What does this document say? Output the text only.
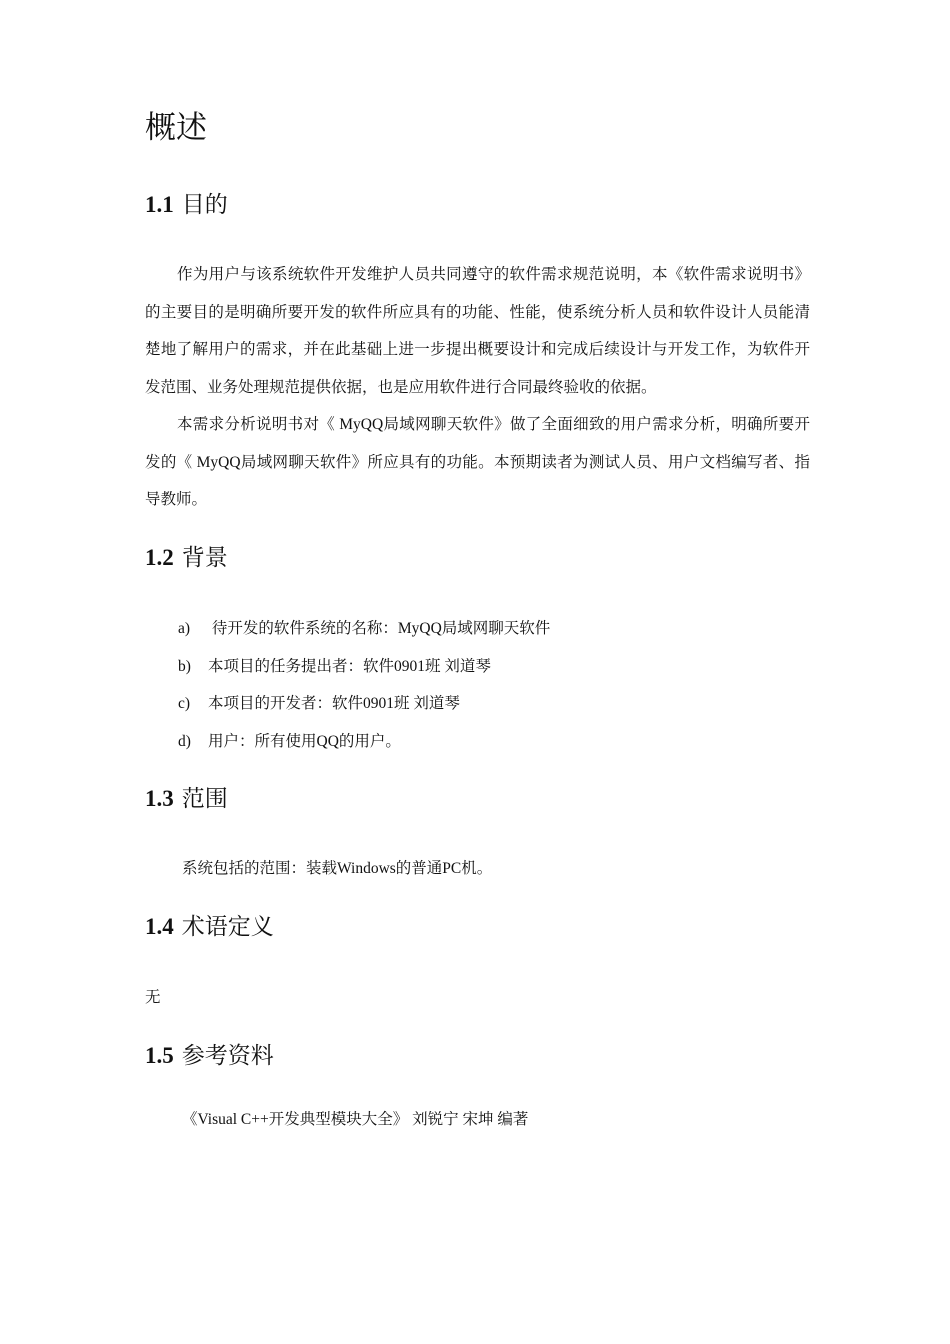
概述
1.1 目的

作为用户与该系统软件开发维护人员共同遵守的软件需求规范说明，本《软件需求说明书》的主要目的是明确所要开发的软件所应具有的功能、性能，使系统分析人员和软件设计人员能清楚地了解用户的需求，并在此基础上进一步提出概要设计和完成后续设计与开发工作，为软件开发范围、业务处理规范提供依据，也是应用软件进行合同最终验收的依据。

本需求分析说明书对《 MyQQ局域网聊天软件》做了全面细致的用户需求分析，明确所要开发的《 MyQQ局域网聊天软件》所应具有的功能。本预期读者为测试人员、用户文档编写者、指导教师。

1.2 背景
a) 待开发的软件系统的名称：MyQQ局域网聊天软件
b) 本项目的任务提出者：软件0901班 刘道琴
c) 本项目的开发者：软件0901班 刘道琴
d) 用户：所有使用QQ的用户。
1.3 范围

系统包括的范围：装载Windows的普通PC机。

1.4 术语定义

无

1.5 参考资料

《Visual C++开发典型模块大全》 刘锐宁 宋坤 编著
